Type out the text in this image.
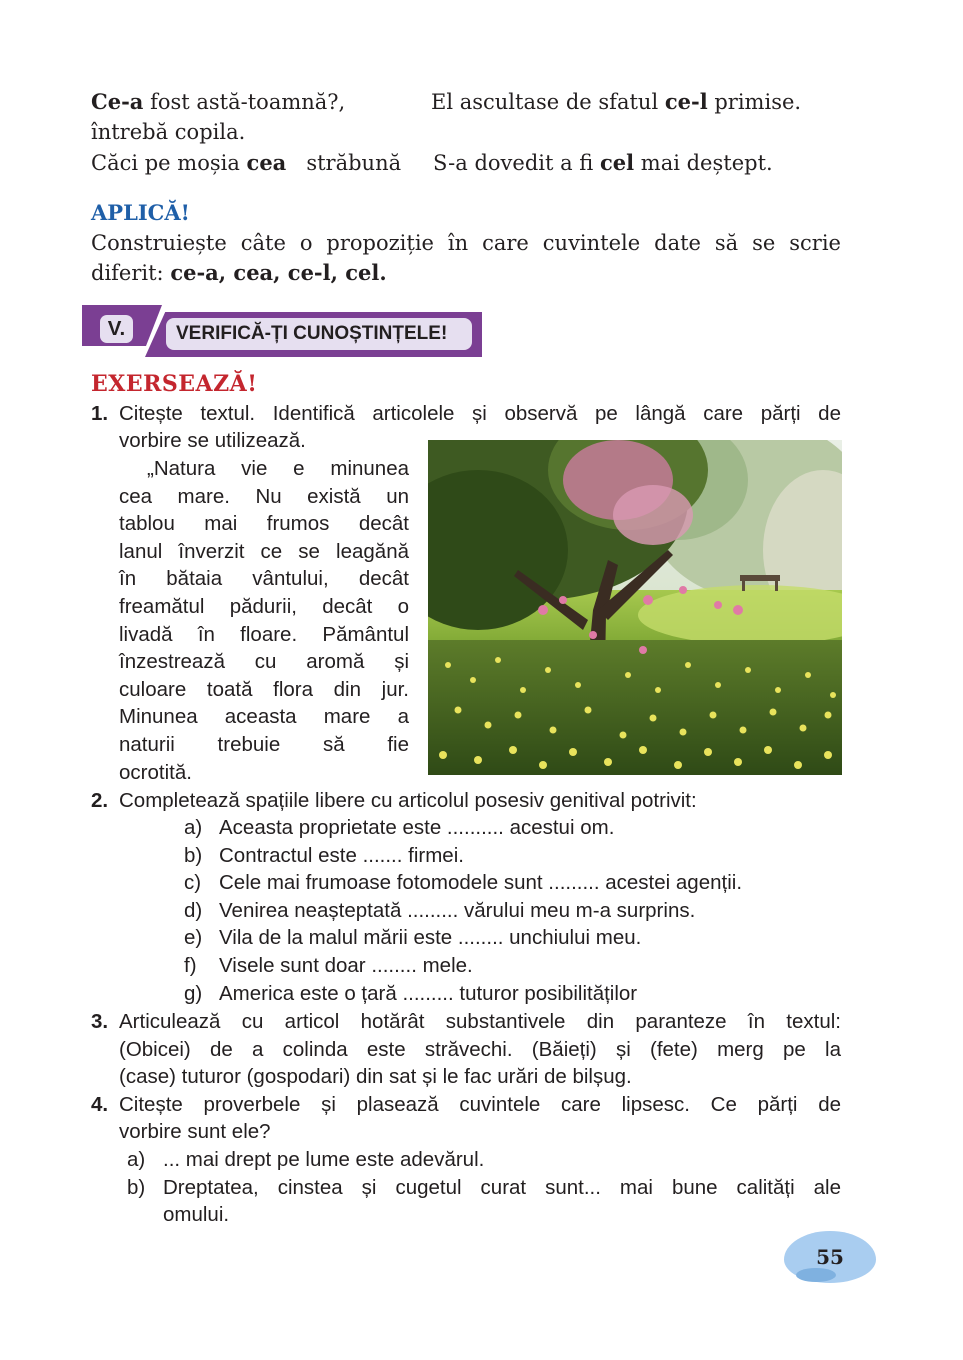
Ce-a fost astă-toamnă?,	El ascultase de sfatul ce-l primise.
întrebă copila.
Căci pe moșia cea   străbună S-a dovedit a fi cel mai deștept.
APLICĂ!
Construiește câte o propoziție în care cuvintele date să se scrie
diferit: ce-a, cea, ce-l, cel.
V.	VERIFICĂ-ȚI CUNOȘTINȚELE!
EXERSEAZĂ!
1. Citește textul. Identifică articolele și observă pe lângă care părți de
vorbire se utilizează.
„Natura vie e minunea
cea mare. Nu există un
tablou mai frumos decât
lanul înverzit ce se leagănă
în bătaia vântului, decât
freamătul pădurii, decât o
livadă în floare. Pământul
înzestrează cu aromă și
culoare toată flora din jur.
Minunea aceasta mare a
naturii trebuie să fie
ocrotită.
2. Completează spațiile libere cu articolul posesiv genitival potrivit:
a) Aceasta proprietate este .......... acestui om.
b) Contractul este ....... firmei.
c) Cele mai frumoase fotomodele sunt ......... acestei agenții.
d) Venirea neașteptată ......... vărului meu m-a surprins.
e) Vila de la malul mării este ........ unchiului meu.
f) Visele sunt doar ........ mele.
g) America este o țară ......... tuturor posibilităților
3. Articulează cu articol hotărât substantivele din paranteze în textul:
(Obicei) de a colinda este străvechi. (Băieți) și (fete) merg pe la
(case) tuturor (gospodari) din sat și le fac urări de bilșug.
4. Citește proverbele și plasează cuvintele care lipsesc. Ce părți de
vorbire sunt ele?
a) ... mai drept pe lume este adevărul.
b) Dreptatea, cinstea și cugetul curat sunt... mai bune calități ale
omului.
55
